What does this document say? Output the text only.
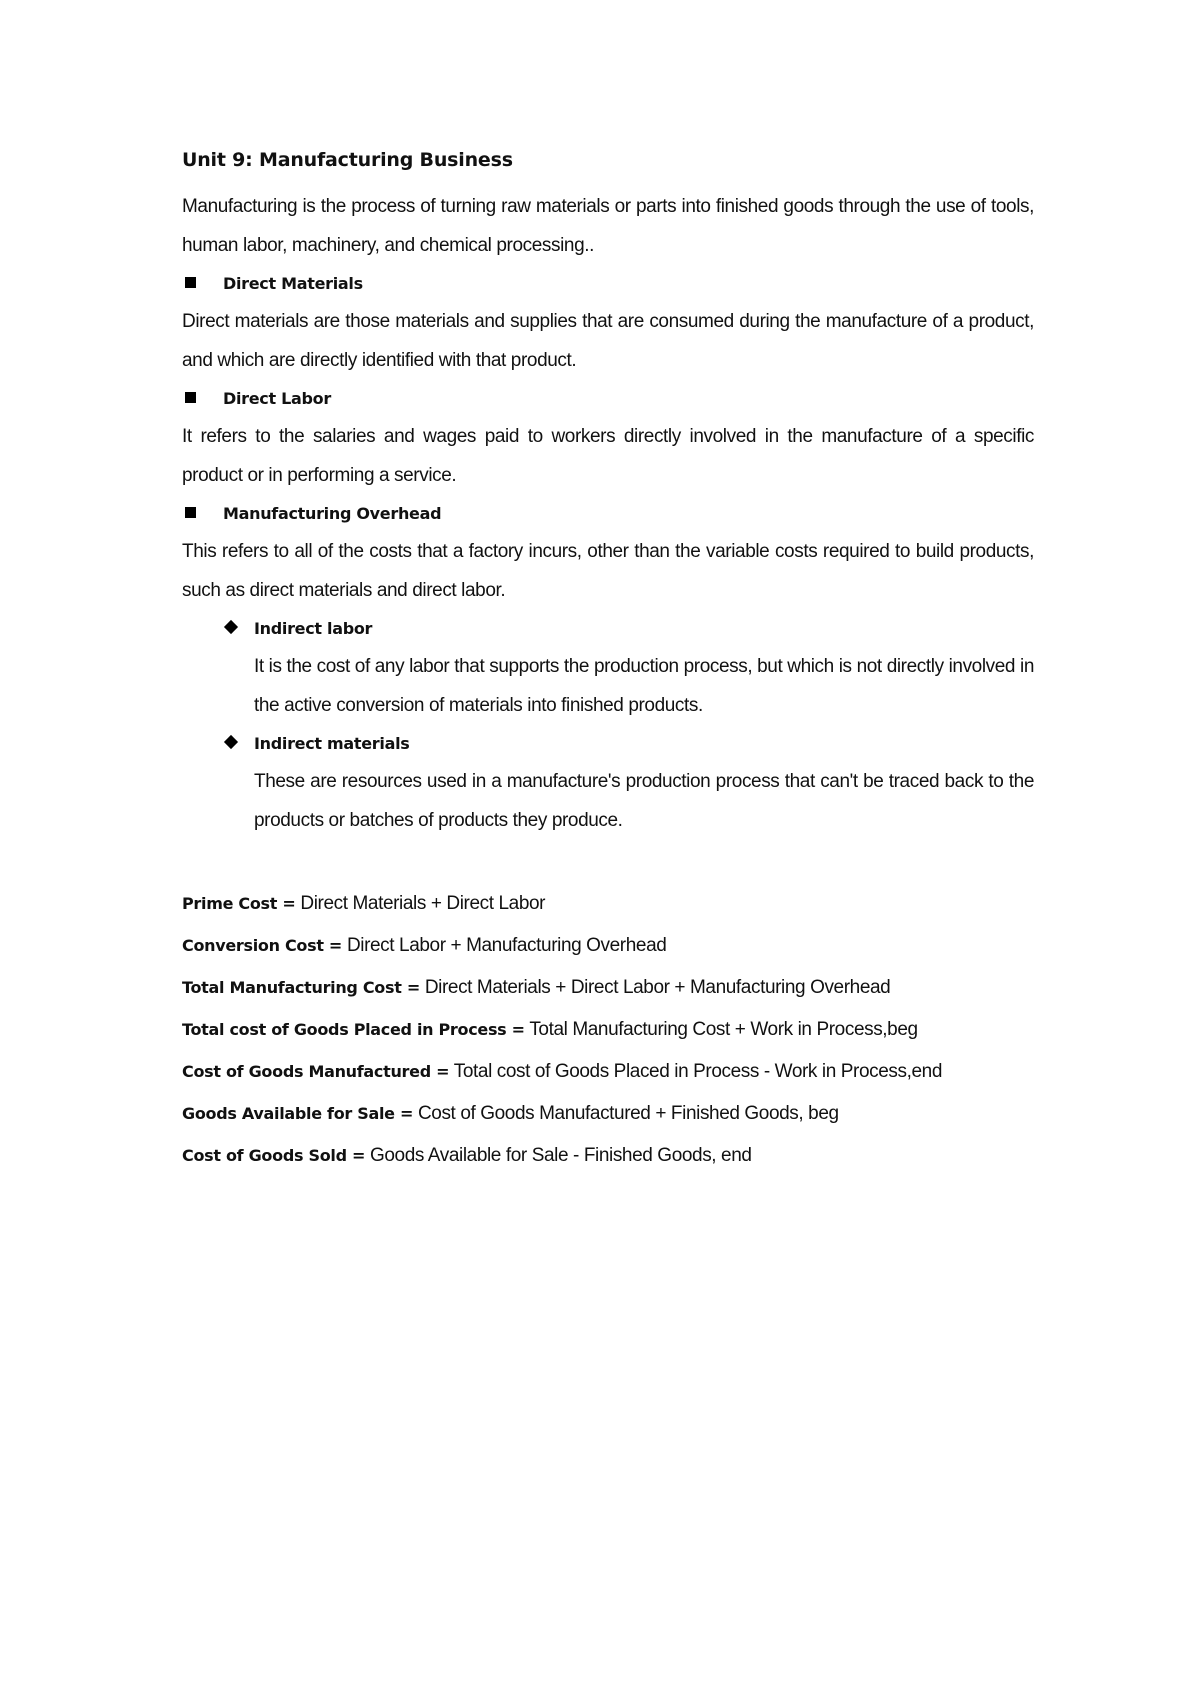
Unit 9: Manufacturing Business

Manufacturing is the process of turning raw materials or parts into finished goods through the use of tools, human labor, machinery, and chemical processing..

Direct Materials

Direct materials are those materials and supplies that are consumed during the manufacture of a product, and which are directly identified with that product.

Direct Labor

It refers to the salaries and wages paid to workers directly involved in the manufacture of a specific product or in performing a service.

Manufacturing Overhead

This refers to all of the costs that a factory incurs, other than the variable costs required to build products, such as direct materials and direct labor.

Indirect labor

It is the cost of any labor that supports the production process, but which is not directly involved in the active conversion of materials into finished products.

Indirect materials

These are resources used in a manufacture's production process that can't be traced back to the products or batches of products they produce.

Prime Cost = Direct Materials + Direct Labor
Conversion Cost = Direct Labor + Manufacturing Overhead
Total Manufacturing Cost = Direct Materials + Direct Labor + Manufacturing Overhead
Total cost of Goods Placed in Process = Total Manufacturing Cost + Work in Process,beg
Cost of Goods Manufactured = Total cost of Goods Placed in Process - Work in Process,end
Goods Available for Sale = Cost of Goods Manufactured + Finished Goods, beg
Cost of Goods Sold = Goods Available for Sale - Finished Goods, end
